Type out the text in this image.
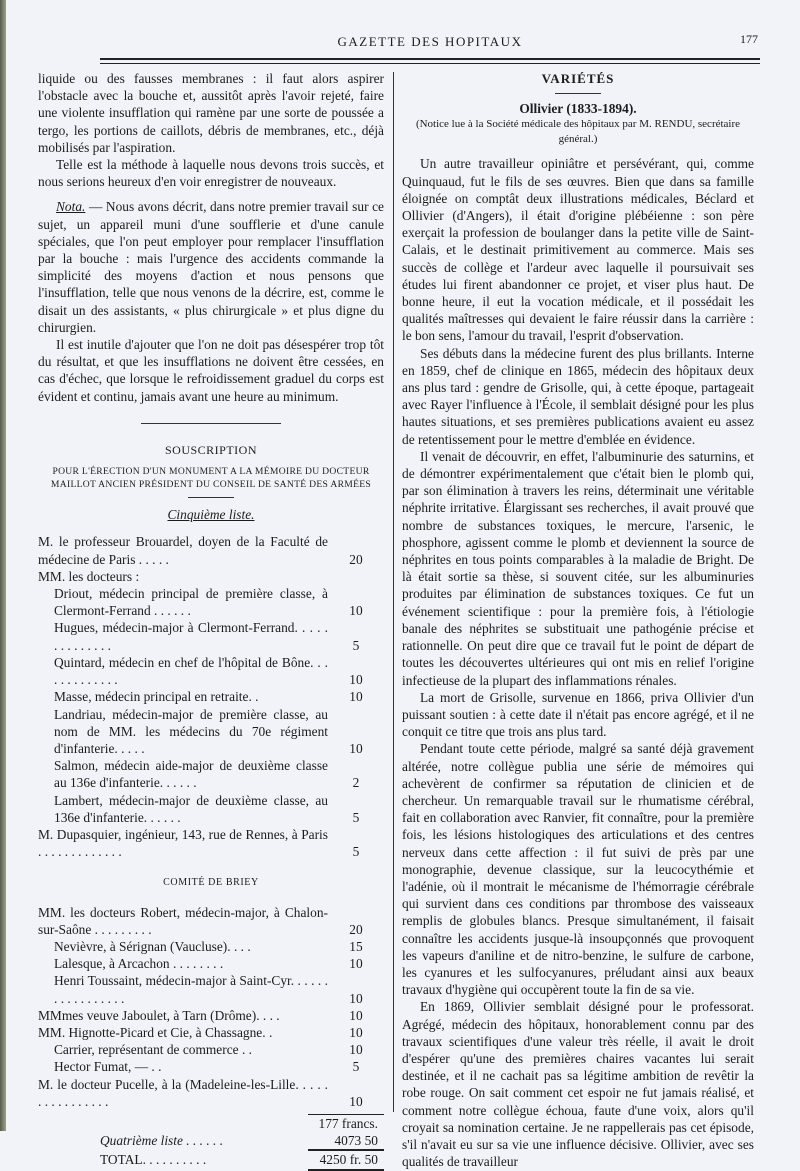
GAZETTE DES HOPITAUX	177

liquide ou des fausses membranes : il faut alors aspirer l'obstacle avec la bouche et, aussitôt après l'avoir rejeté, faire une violente insufflation qui ramène par une sorte de poussée a tergo, les portions de caillots, débris de membranes, etc., déjà mobilisés par l'aspiration.

Telle est la méthode à laquelle nous devons trois succès, et nous serions heureux d'en voir enregistrer de nouveaux.

Nota. — Nous avons décrit, dans notre premier travail sur ce sujet, un appareil muni d'une soufflerie et d'une canule spéciales, que l'on peut employer pour remplacer l'insufflation par la bouche : mais l'urgence des accidents commande la simplicité des moyens d'action et nous pensons que l'insufflation, telle que nous venons de la décrire, est, comme le disait un des assistants, « plus chirurgicale » et plus digne du chirurgien.

Il est inutile d'ajouter que l'on ne doit pas désespérer trop tôt du résultat, et que les insufflations ne doivent être cessées, en cas d'échec, que lorsque le refroidissement graduel du corps est évident et continu, jamais avant une heure au minimum.

SOUSCRIPTION
POUR L'ÉRECTION D'UN MONUMENT A LA MÉMOIRE DU DOCTEUR MAILLOT ANCIEN PRÉSIDENT DU CONSEIL DE SANTÉ DES ARMÉES
Cinquième liste.
M. le professeur Brouardel, doyen de la Faculté de médecine de Paris . . . . .	20
MM. les docteurs :
Driout, médecin principal de première classe, à Clermont-Ferrand . . . . . .	10
Hugues, médecin-major à Clermont-Ferrand. . . . . . . . . . . . . .	5
Quintard, médecin en chef de l'hôpital de Bône. . . . . . . . . . . . .	10
Masse, médecin principal en retraite. .	10
Landriau, médecin-major de première classe, au nom de MM. les médecins du 70e régiment d'infanterie. . . . .	10
Salmon, médecin aide-major de deuxième classe au 136e d'infanterie. . . . . .	2
Lambert, médecin-major de deuxième classe, au 136e d'infanterie. . . . . .	5
M. Dupasquier, ingénieur, 143, rue de Rennes, à Paris . . . . . . . . . . . . .	5
COMITÉ DE BRIEY
MM. les docteurs Robert, médecin-major, à Chalon-sur-Saône . . . . . . . . .	20
Nevièvre, à Sérignan (Vaucluse). . . .	15
Lalesque, à Arcachon . . . . . . . .	10
Henri Toussaint, médecin-major à Saint-Cyr. . . . . . . . . . . . . . . . .	10
MMmes veuve Jaboulet, à Tarn (Drôme). . . .	10
MM. Hignotte-Picard et Cie, à Chassagne. .	10
Carrier, représentant de commerce . .	10
Hector Fumat, — . .	5
M. le docteur Pucelle, à la (Madeleine-les-Lille. . . . . . . . . . . . . . . .	10
177 francs.
Quatrième liste . . . . . .	4073 50
TOTAL. . . . . . . . . .	4250 fr. 50
VARIÉTÉS
Ollivier (1833-1894).
(Notice lue à la Société médicale des hôpitaux par M. RENDU, secrétaire général.)

Un autre travailleur opiniâtre et persévérant, qui, comme Quinquaud, fut le fils de ses œuvres. Bien que dans sa famille éloignée on comptât deux illustrations médicales, Béclard et Ollivier (d'Angers), il était d'origine plébéienne : son père exerçait la profession de boulanger dans la petite ville de Saint-Calais, et le destinait primitivement au commerce. Mais ses succès de collège et l'ardeur avec laquelle il poursuivait ses études lui firent abandonner ce projet, et viser plus haut. De bonne heure, il eut la vocation médicale, et il possédait les qualités maîtresses qui devaient le faire réussir dans la carrière : le bon sens, l'amour du travail, l'esprit d'observation.

Ses débuts dans la médecine furent des plus brillants. Interne en 1859, chef de clinique en 1865, médecin des hôpitaux deux ans plus tard : gendre de Grisolle, qui, à cette époque, partageait avec Rayer l'influence à l'École, il semblait désigné pour les plus hautes situations, et ses premières publications avaient eu assez de retentissement pour le mettre d'emblée en évidence.

Il venait de découvrir, en effet, l'albuminurie des saturnins, et de démontrer expérimentalement que c'était bien le plomb qui, par son élimination à travers les reins, déterminait une véritable néphrite irritative. Élargissant ses recherches, il avait prouvé que nombre de substances toxiques, le mercure, l'arsenic, le phosphore, agissent comme le plomb et deviennent la source de néphrites en tous points comparables à la maladie de Bright. De là était sortie sa thèse, si souvent citée, sur les albuminuries produites par élimination de substances toxiques. Ce fut un événement scientifique : pour la première fois, à l'étiologie banale des néphrites se substituait une pathogénie précise et rationnelle. On peut dire que ce travail fut le point de départ de toutes les découvertes ultérieures qui ont mis en relief l'origine infectieuse de la plupart des inflammations rénales.

La mort de Grisolle, survenue en 1866, priva Ollivier d'un puissant soutien : à cette date il n'était pas encore agrégé, et il ne conquit ce titre que trois ans plus tard.

Pendant toute cette période, malgré sa santé déjà gravement altérée, notre collègue publia une série de mémoires qui achevèrent de confirmer sa réputation de clinicien et de chercheur. Un remarquable travail sur le rhumatisme cérébral, fait en collaboration avec Ranvier, fit connaître, pour la première fois, les lésions histologiques des articulations et des centres nerveux dans cette affection : il fut suivi de près par une monographie, devenue classique, sur la leucocythémie et l'adénie, où il montrait le mécanisme de l'hémorragie cérébrale qui survient dans ces conditions par thrombose des vaisseaux remplis de globules blancs. Presque simultanément, il faisait connaître les accidents jusque-là insoupçonnés que provoquent les vapeurs d'aniline et de nitro-benzine, le sulfure de carbone, les cyanures et les sulfocyanures, préludant ainsi aux beaux travaux d'hygiène qui occupèrent toute la fin de sa vie.

En 1869, Ollivier semblait désigné pour le professorat. Agrégé, médecin des hôpitaux, honorablement connu par des travaux scientifiques d'une valeur très réelle, il avait le droit d'espérer qu'une des premières chaires vacantes lui serait destinée, et il ne cachait pas sa légitime ambition de revêtir la robe rouge. On sait comment cet espoir ne fut jamais réalisé, et comment notre collègue échoua, faute d'une voix, alors qu'il croyait sa nomination certaine. Je ne rappellerais pas cet épisode, s'il n'avait eu sur sa vie une influence décisive. Ollivier, avec ses qualités de travailleur
